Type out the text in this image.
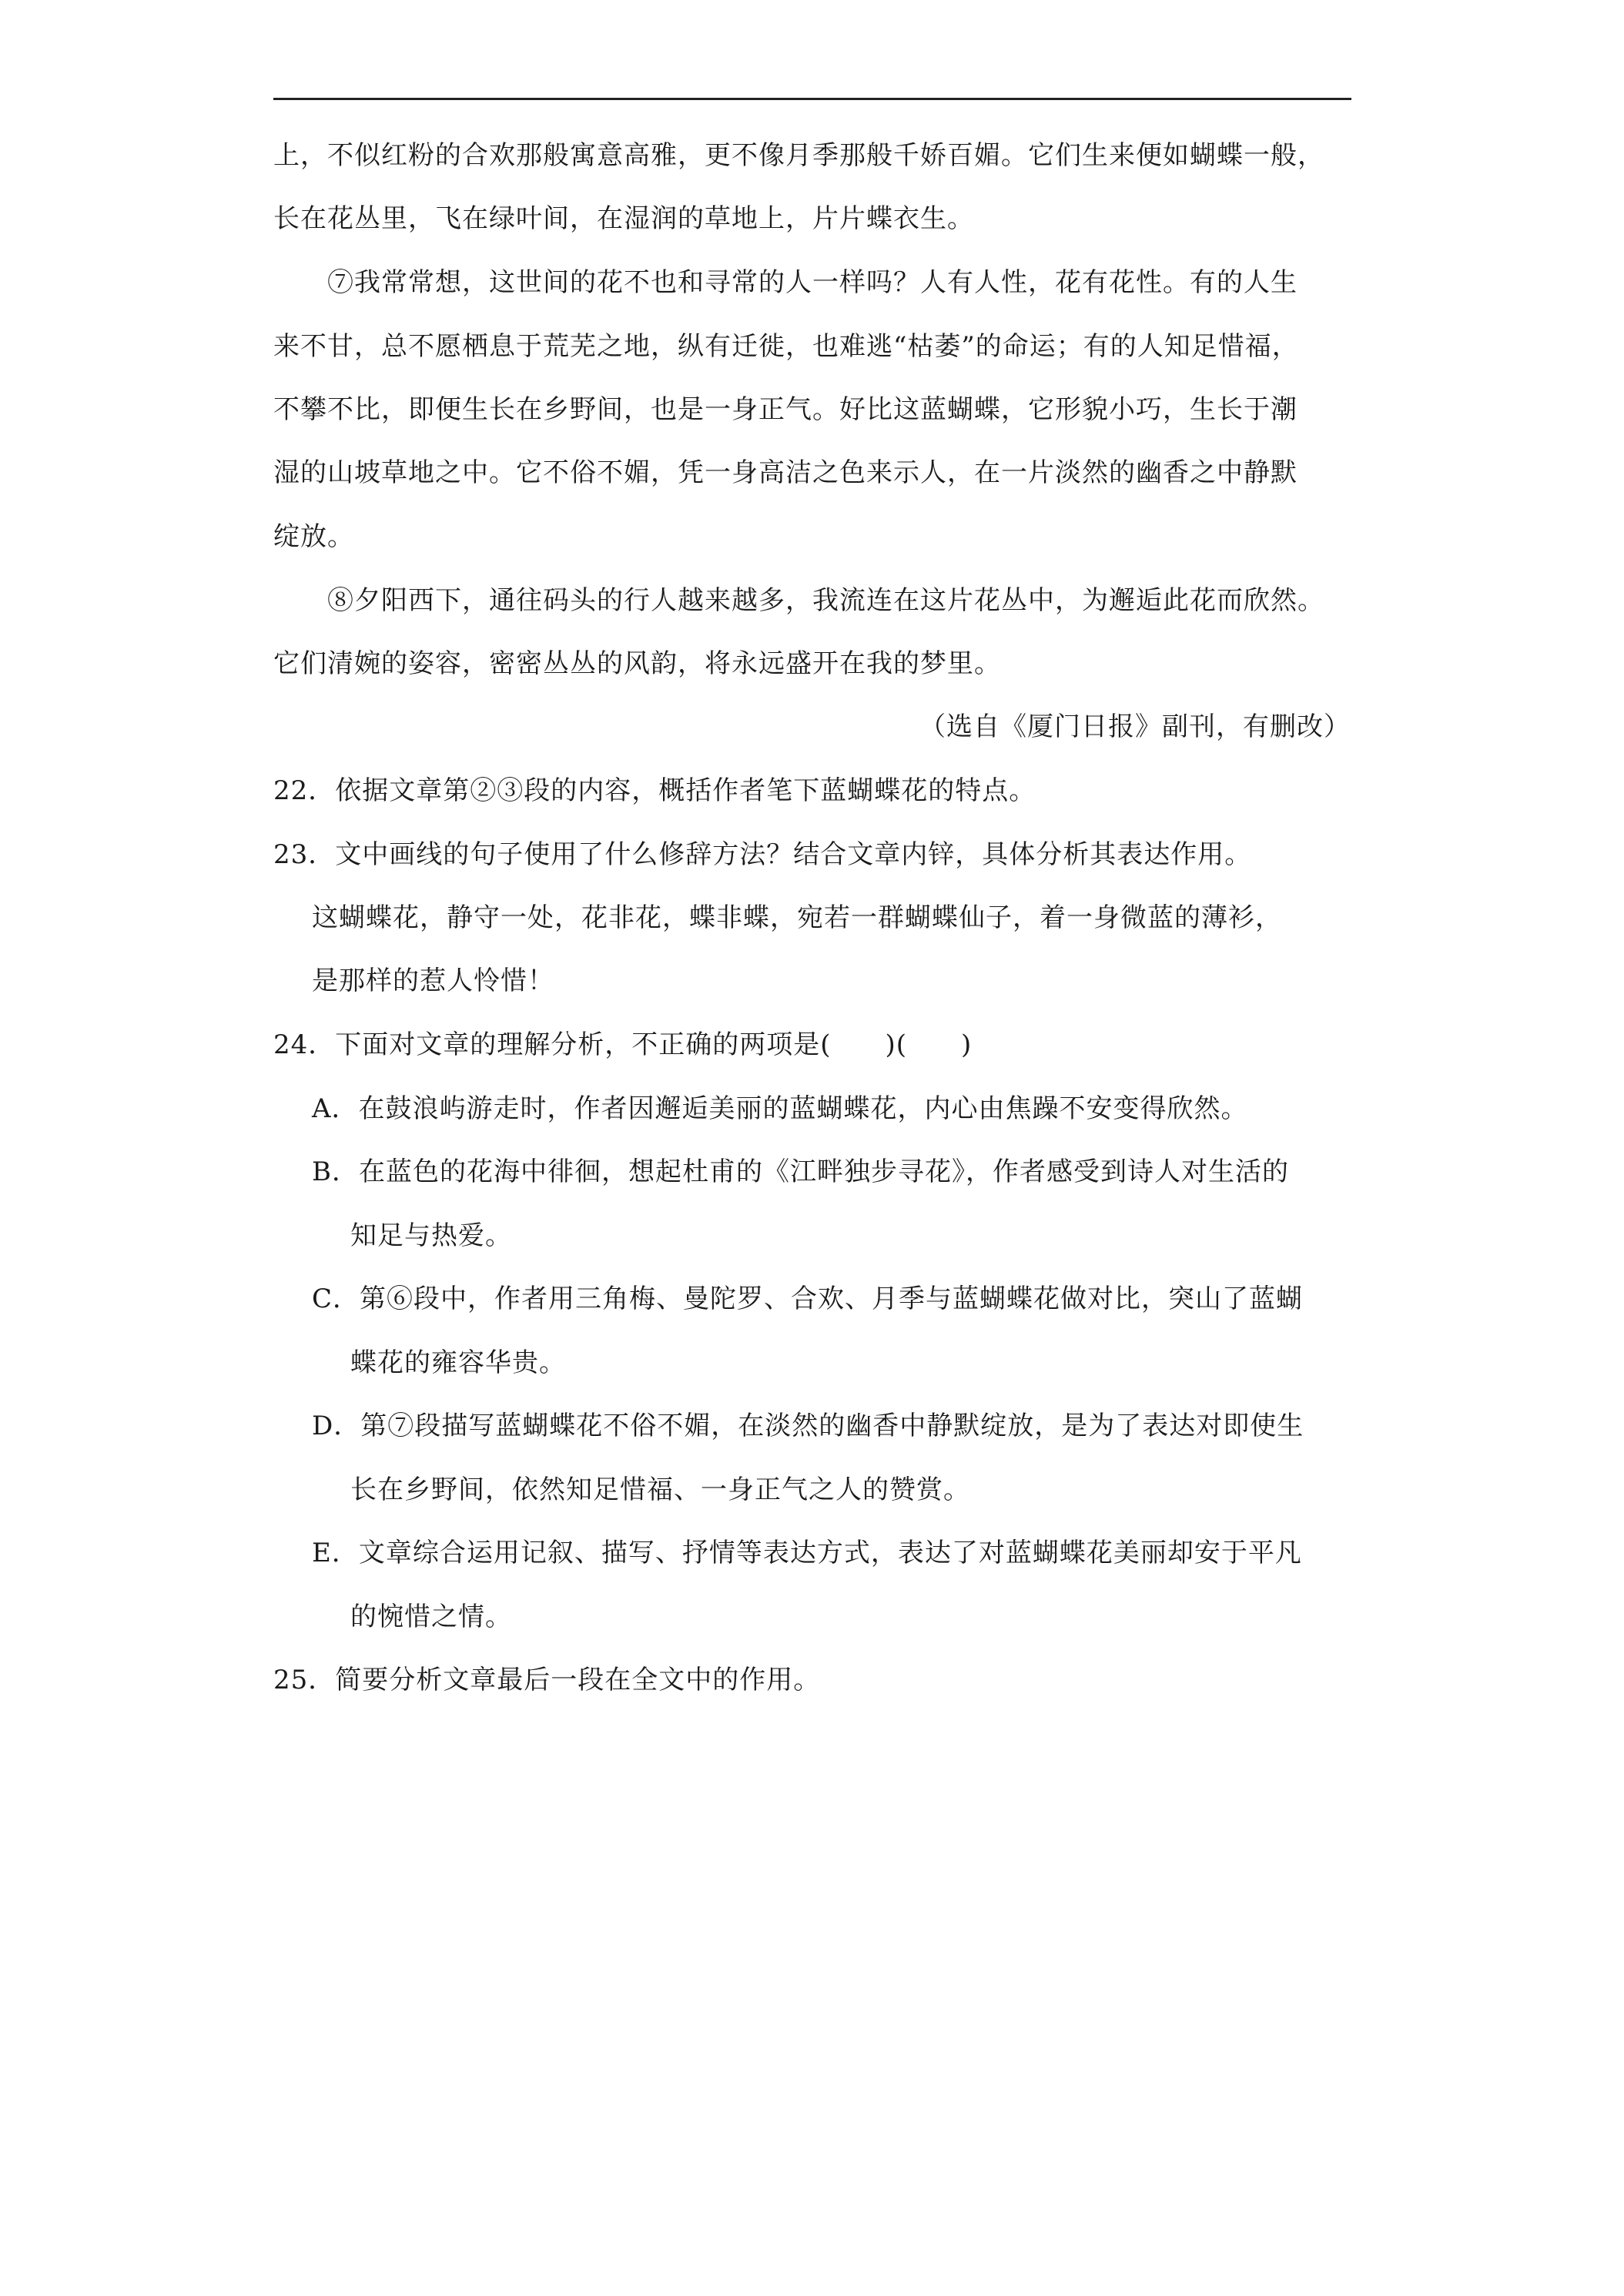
上，不似红粉的合欢那般寓意高雅，更不像月季那般千娇百媚。它们生来便如蝴蝶一般，
长在花丛里，飞在绿叶间，在湿润的草地上，片片蝶衣生。
⑦我常常想，这世间的花不也和寻常的人一样吗？人有人性，花有花性。有的人生
来不甘，总不愿栖息于荒芜之地，纵有迁徙，也难逃“枯萎”的命运；有的人知足惜福，
不攀不比，即便生长在乡野间，也是一身正气。好比这蓝蝴蝶，它形貌小巧，生长于潮
湿的山坡草地之中。它不俗不媚，凭一身高洁之色来示人，在一片淡然的幽香之中静默
绽放。
⑧夕阳西下，通往码头的行人越来越多，我流连在这片花丛中，为邂逅此花而欣然。
它们清婉的姿容，密密丛丛的风韵，将永远盛开在我的梦里。
（选自《厦门日报》副刊，有删改）
22．依据文章第②③段的内容，概括作者笔下蓝蝴蝶花的特点。
23．文中画线的句子使用了什么修辞方法？结合文章内锌，具体分析其表达作用。
这蝴蝶花，静守一处，花非花，蝶非蝶，宛若一群蝴蝶仙子，着一身微蓝的薄衫，
是那样的惹人怜惜！
24．下面对文章的理解分析，不正确的两项是(　　)(　　)
A．在鼓浪屿游走时，作者因邂逅美丽的蓝蝴蝶花，内心由焦躁不安变得欣然。
B．在蓝色的花海中徘徊，想起杜甫的《江畔独步寻花》，作者感受到诗人对生活的
知足与热爱。
C．第⑥段中，作者用三角梅、曼陀罗、合欢、月季与蓝蝴蝶花做对比，突山了蓝蝴
蝶花的雍容华贵。
D．第⑦段描写蓝蝴蝶花不俗不媚，在淡然的幽香中静默绽放，是为了表达对即使生
长在乡野间，依然知足惜福、一身正气之人的赞赏。
E．文章综合运用记叙、描写、抒情等表达方式，表达了对蓝蝴蝶花美丽却安于平凡
的惋惜之情。
25．简要分析文章最后一段在全文中的作用。
